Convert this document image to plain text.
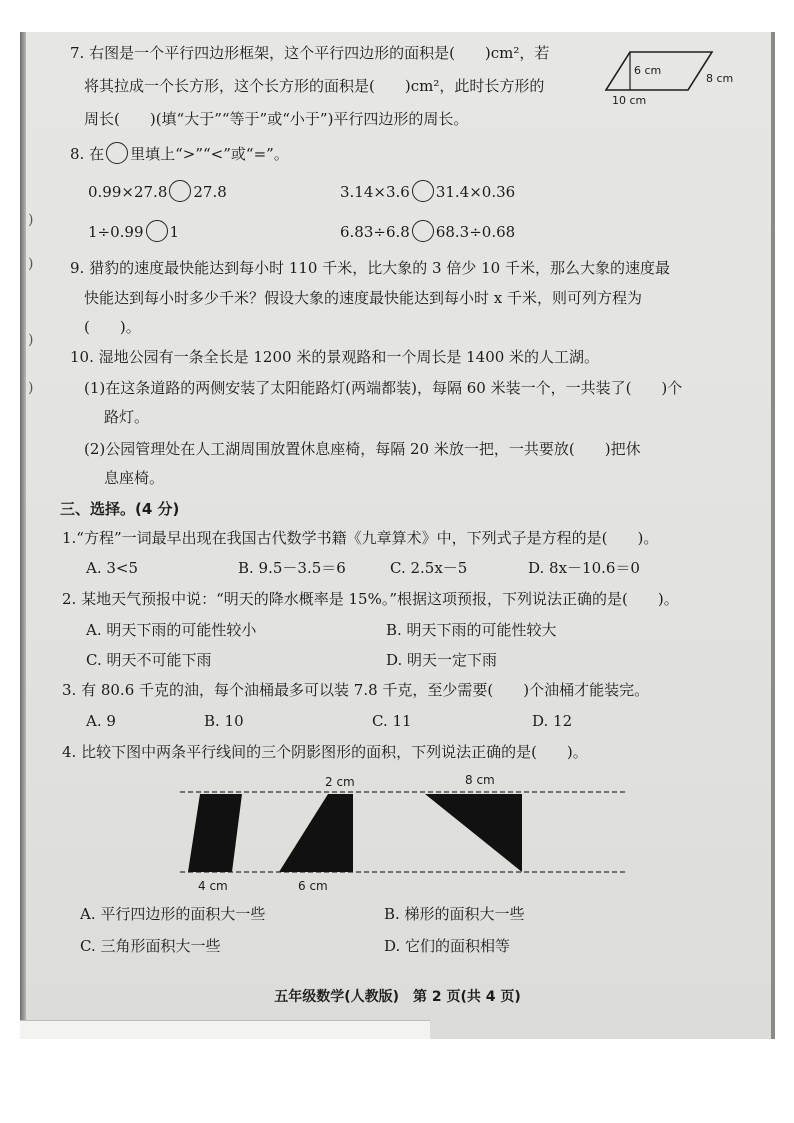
)
)
)
)
7. 右图是一个平行四边形框架，这个平行四边形的面积是(　　)cm²，若
将其拉成一个长方形，这个长方形的面积是(　　)cm²，此时长方形的
周长(　　)(填“大于”“等于”或“小于”)平行四边形的周长。
6 cm
8 cm
10 cm
8. 在 里填上“>”“<”或“=”。
0.99×27.8 27.8	3.14×3.6 31.4×0.36
1÷0.99 1	6.83÷6.8 68.3÷0.68
9. 猎豹的速度最快能达到每小时 110 千米，比大象的 3 倍少 10 千米，那么大象的速度最
快能达到每小时多少千米？假设大象的速度最快能达到每小时 x 千米，则可列方程为
(　　)。
10. 湿地公园有一条全长是 1200 米的景观路和一个周长是 1400 米的人工湖。
(1)在这条道路的两侧安装了太阳能路灯(两端都装)，每隔 60 米装一个，一共装了(　　)个
路灯。
(2)公园管理处在人工湖周围放置休息座椅，每隔 20 米放一把，一共要放(　　)把休
息座椅。
三、选择。(4 分)
1.“方程”一词最早出现在我国古代数学书籍《九章算术》中，下列式子是方程的是(　　)。
A. 3<5	B. 9.5－3.5＝6	C. 2.5x－5	D. 8x－10.6＝0
2. 某地天气预报中说：“明天的降水概率是 15%。”根据这项预报，下列说法正确的是(　　)。
A. 明天下雨的可能性较小	B. 明天下雨的可能性较大
C. 明天不可能下雨	D. 明天一定下雨
3. 有 80.6 千克的油，每个油桶最多可以装 7.8 千克，至少需要(　　)个油桶才能装完。
A. 9	B. 10	C. 11	D. 12
4. 比较下图中两条平行线间的三个阴影图形的面积，下列说法正确的是(　　)。
2 cm	8 cm
4 cm	6 cm
A. 平行四边形的面积大一些	B. 梯形的面积大一些
C. 三角形面积大一些	D. 它们的面积相等
五年级数学(人教版)　第 2 页(共 4 页)
